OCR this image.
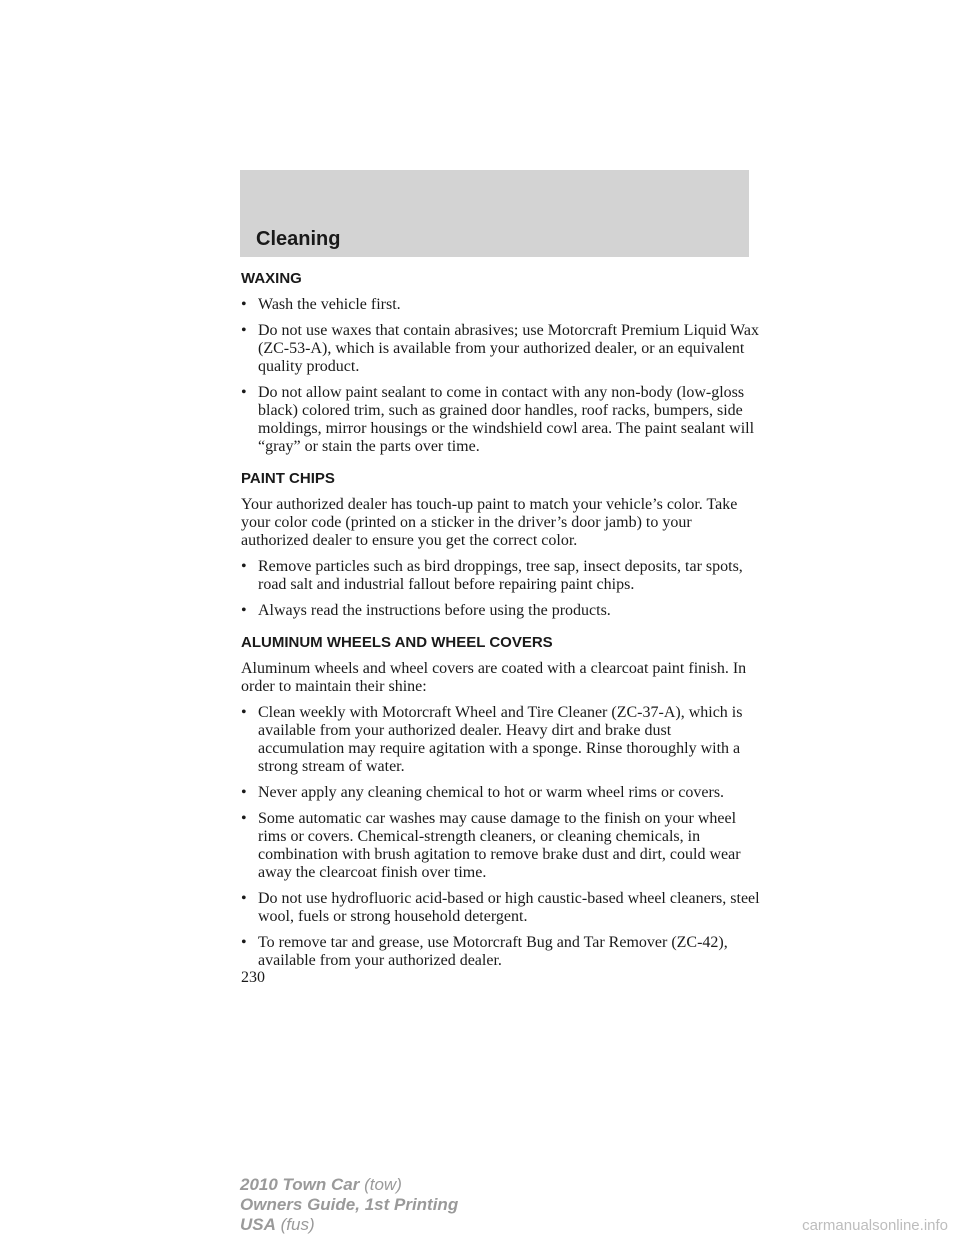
Cleaning
WAXING
• Wash the vehicle first.
• Do not use waxes that contain abrasives; use Motorcraft Premium Liquid Wax (ZC-53-A), which is available from your authorized dealer, or an equivalent quality product.
• Do not allow paint sealant to come in contact with any non-body (low-gloss black) colored trim, such as grained door handles, roof racks, bumpers, side moldings, mirror housings or the windshield cowl area. The paint sealant will “gray” or stain the parts over time.
PAINT CHIPS

Your authorized dealer has touch-up paint to match your vehicle’s color. Take your color code (printed on a sticker in the driver’s door jamb) to your authorized dealer to ensure you get the correct color.

• Remove particles such as bird droppings, tree sap, insect deposits, tar spots, road salt and industrial fallout before repairing paint chips.
• Always read the instructions before using the products.
ALUMINUM WHEELS AND WHEEL COVERS

Aluminum wheels and wheel covers are coated with a clearcoat paint finish. In order to maintain their shine:

• Clean weekly with Motorcraft Wheel and Tire Cleaner (ZC-37-A), which is available from your authorized dealer. Heavy dirt and brake dust accumulation may require agitation with a sponge. Rinse thoroughly with a strong stream of water.
• Never apply any cleaning chemical to hot or warm wheel rims or covers.
• Some automatic car washes may cause damage to the finish on your wheel rims or covers. Chemical-strength cleaners, or cleaning chemicals, in combination with brush agitation to remove brake dust and dirt, could wear away the clearcoat finish over time.
• Do not use hydrofluoric acid-based or high caustic-based wheel cleaners, steel wool, fuels or strong household detergent.
• To remove tar and grease, use Motorcraft Bug and Tar Remover (ZC-42), available from your authorized dealer.
230
2010 Town Car (tow)
Owners Guide, 1st Printing
USA (fus)	carmanualsonline.info
